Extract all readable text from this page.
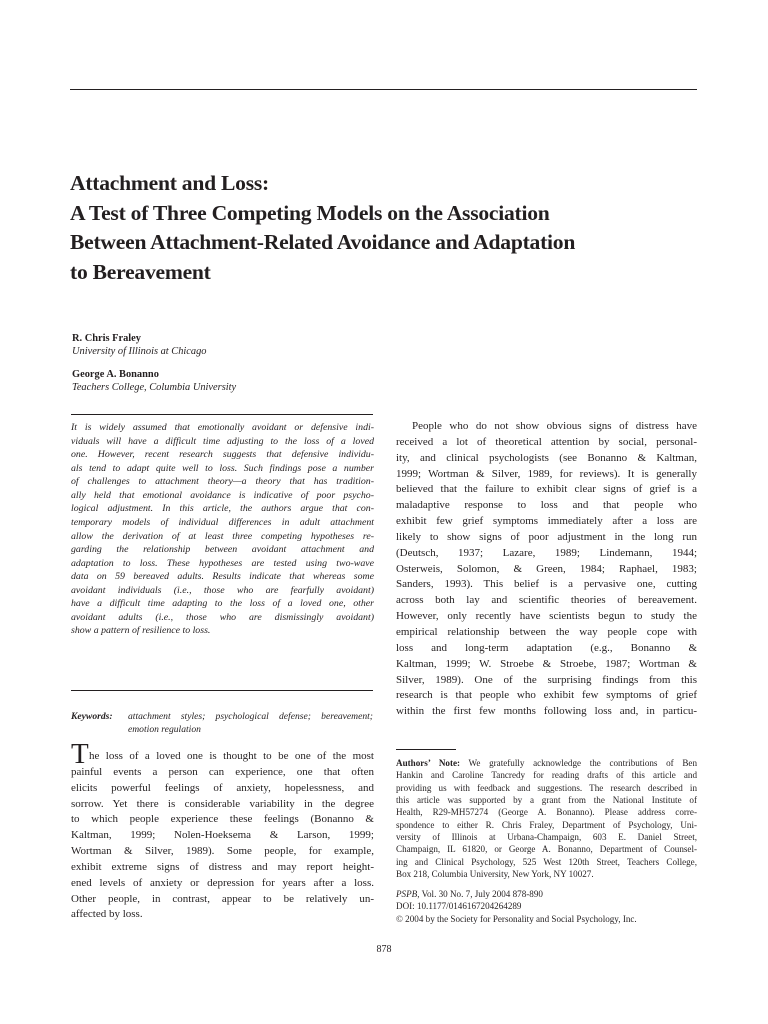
Attachment and Loss:
A Test of Three Competing Models on the Association
Between Attachment-Related Avoidance and Adaptation
to Bereavement
R. Chris Fraley
University of Illinois at Chicago
George A. Bonanno
Teachers College, Columbia University
It is widely assumed that emotionally avoidant or defensive indi-
viduals will have a difficult time adjusting to the loss of a loved
one. However, recent research suggests that defensive individu-
als tend to adapt quite well to loss. Such findings pose a number
of challenges to attachment theory—a theory that has tradition-
ally held that emotional avoidance is indicative of poor psycho-
logical adjustment. In this article, the authors argue that con-
temporary models of individual differences in adult attachment
allow the derivation of at least three competing hypotheses re-
garding the relationship between avoidant attachment and
adaptation to loss. These hypotheses are tested using two-wave
data on 59 bereaved adults. Results indicate that whereas some
avoidant individuals (i.e., those who are fearfully avoidant)
have a difficult time adapting to the loss of a loved one, other
avoidant adults (i.e., those who are dismissingly avoidant)
show a pattern of resilience to loss.
Keywords: attachment styles; psychological defense; bereavement;
emotion regulation
T he loss of a loved one is thought to be one of the most
painful events a person can experience, one that often
elicits powerful feelings of anxiety, hopelessness, and
sorrow. Yet there is considerable variability in the degree
to which people experience these feelings (Bonanno &
Kaltman, 1999; Nolen-Hoeksema & Larson, 1999;
Wortman & Silver, 1989). Some people, for example,
exhibit extreme signs of distress and may report height-
ened levels of anxiety or depression for years after a loss.
Other people, in contrast, appear to be relatively un-
affected by loss.
People who do not show obvious signs of distress have
received a lot of theoretical attention by social, personal-
ity, and clinical psychologists (see Bonanno & Kaltman,
1999; Wortman & Silver, 1989, for reviews). It is generally
believed that the failure to exhibit clear signs of grief is a
maladaptive response to loss and that people who
exhibit few grief symptoms immediately after a loss are
likely to show signs of poor adjustment in the long run
(Deutsch, 1937; Lazare, 1989; Lindemann, 1944;
Osterweis, Solomon, & Green, 1984; Raphael, 1983;
Sanders, 1993). This belief is a pervasive one, cutting
across both lay and scientific theories of bereavement.
However, only recently have scientists begun to study the
empirical relationship between the way people cope with
loss and long-term adaptation (e.g., Bonanno &
Kaltman, 1999; W. Stroebe & Stroebe, 1987; Wortman &
Silver, 1989). One of the surprising findings from this
research is that people who exhibit few symptoms of grief
within the first few months following loss and, in particu-
Authors’ Note: We gratefully acknowledge the contributions of Ben
Hankin and Caroline Tancredy for reading drafts of this article and
providing us with feedback and suggestions. The research described in
this article was supported by a grant from the National Institute of
Health, R29-MH57274 (George A. Bonanno). Please address corre-
spondence to either R. Chris Fraley, Department of Psychology, Uni-
versity of Illinois at Urbana-Champaign, 603 E. Daniel Street,
Champaign, IL 61820, or George A. Bonanno, Department of Counsel-
ing and Clinical Psychology, 525 West 120th Street, Teachers College,
Box 218, Columbia University, New York, NY 10027.
PSPB, Vol. 30 No. 7, July 2004 878-890
DOI: 10.1177/0146167204264289
© 2004 by the Society for Personality and Social Psychology, Inc.
878
